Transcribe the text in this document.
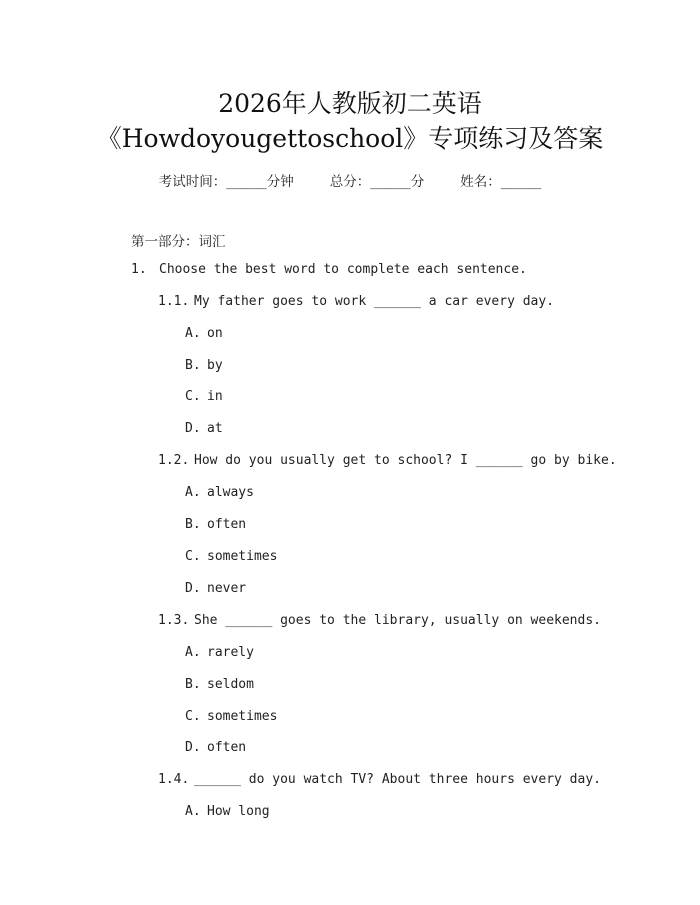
2026年人教版初二英语
《Howdoyougettoschool》专项练习及答案
考试时间：______分钟	总分：______分	姓名：______
第一部分：词汇
1. Choose the best word to complete each sentence.
1.1. My father goes to work ______ a car every day.
A. on
B. by
C. in
D. at
1.2. How do you usually get to school? I ______ go by bike.
A. always
B. often
C. sometimes
D. never
1.3. She ______ goes to the library, usually on weekends.
A. rarely
B. seldom
C. sometimes
D. often
1.4. ______ do you watch TV? About three hours every day.
A. How long
